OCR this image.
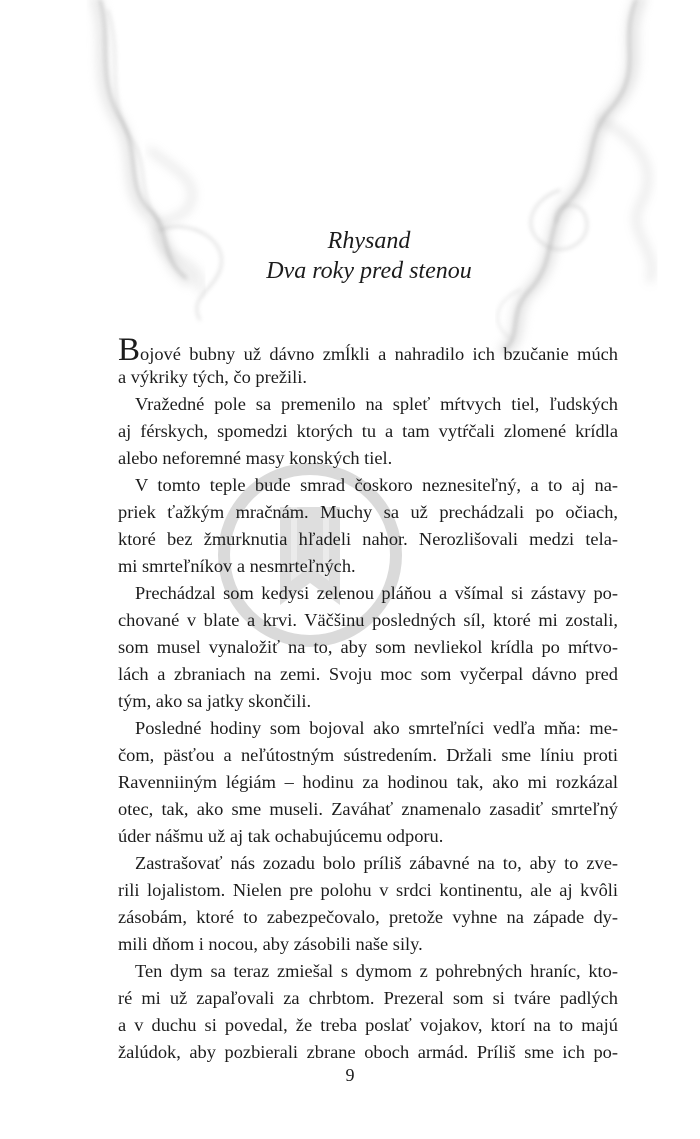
Rhysand
Dva roky pred stenou
Bojové bubny už dávno zmĺkli a nahradilo ich bzučanie múch
a výkriky tých, čo prežili.
Vražedné pole sa premenilo na spleť mŕtvych tiel, ľudských
aj férskych, spomedzi ktorých tu a tam vytŕčali zlomené krídla
alebo neforemné masy konských tiel.
V tomto teple bude smrad čoskoro neznesiteľný, a to aj na-
priek ťažkým mračnám. Muchy sa už prechádzali po očiach,
ktoré bez žmurknutia hľadeli nahor. Nerozlišovali medzi tela-
mi smrteľníkov a nesmrteľných.
Prechádzal som kedysi zelenou pláňou a všímal si zástavy po-
chované v blate a krvi. Väčšinu posledných síl, ktoré mi zostali,
som musel vynaložiť na to, aby som nevliekol krídla po mŕtvo-
lách a zbraniach na zemi. Svoju moc som vyčerpal dávno pred
tým, ako sa jatky skončili.
Posledné hodiny som bojoval ako smrteľníci vedľa mňa: me-
čom, päsťou a neľútostným sústredením. Držali sme líniu proti
Ravenniiným légiám – hodinu za hodinou tak, ako mi rozkázal
otec, tak, ako sme museli. Zaváhať znamenalo zasadiť smrteľný
úder nášmu už aj tak ochabujúcemu odporu.
Zastrašovať nás zozadu bolo príliš zábavné na to, aby to zve-
rili lojalistom. Nielen pre polohu v srdci kontinentu, ale aj kvôli
zásobám, ktoré to zabezpečovalo, pretože vyhne na západe dy-
mili dňom i nocou, aby zásobili naše sily.
Ten dym sa teraz zmiešal s dymom z pohrebných hraníc, kto-
ré mi už zapaľovali za chrbtom. Prezeral som si tváre padlých
a v duchu si povedal, že treba poslať vojakov, ktorí na to majú
žalúdok, aby pozbierali zbrane oboch armád. Príliš sme ich po-
9
